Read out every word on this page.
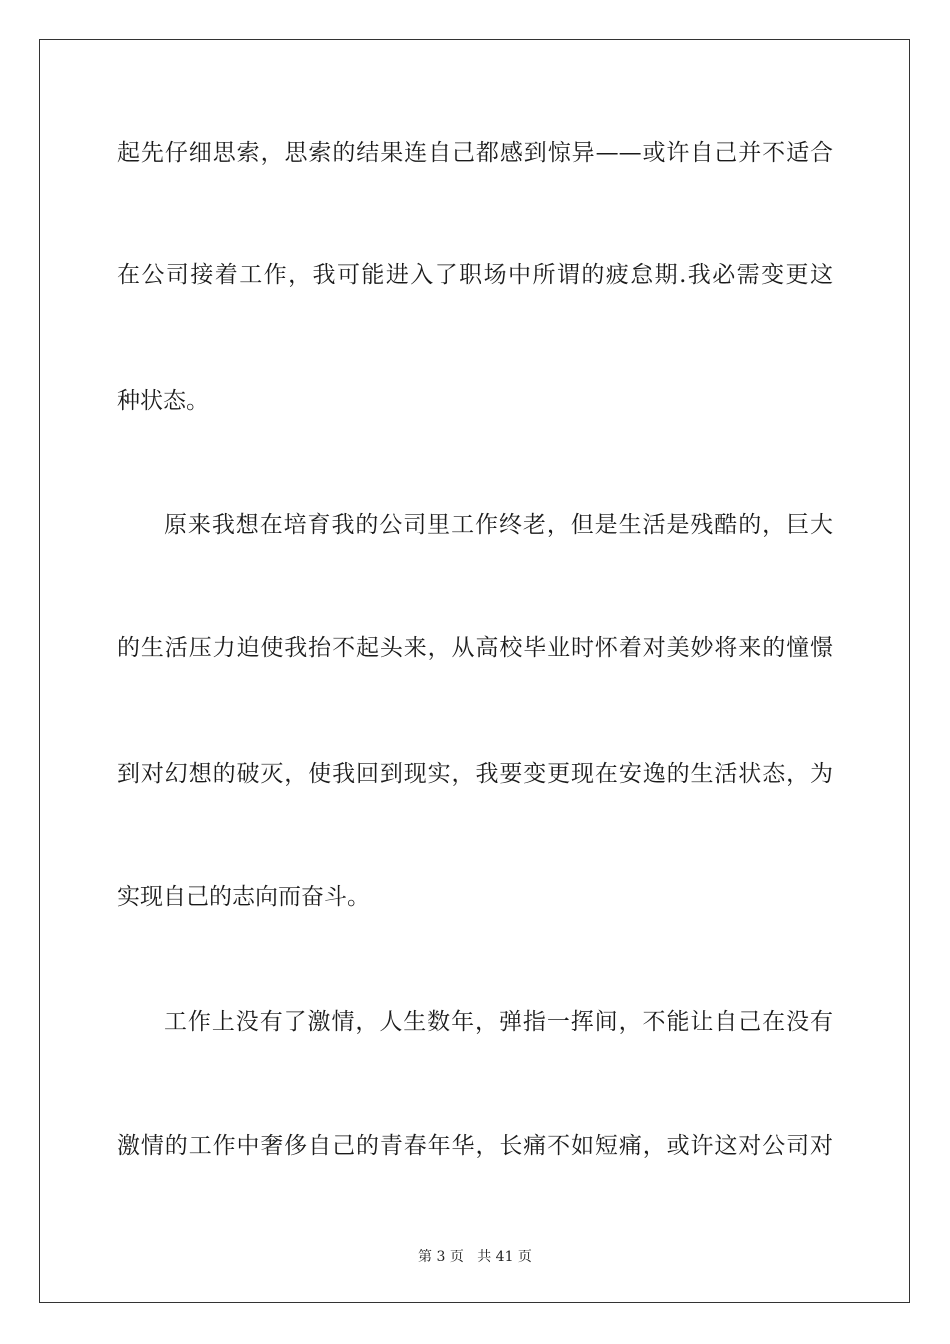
起先仔细思索，思索的结果连自己都感到惊异——或许自己并不适合
在公司接着工作，我可能进入了职场中所谓的疲怠期.我必需变更这
种状态。
原来我想在培育我的公司里工作终老，但是生活是残酷的，巨大
的生活压力迫使我抬不起头来，从高校毕业时怀着对美妙将来的憧憬
到对幻想的破灭，使我回到现实，我要变更现在安逸的生活状态，为
实现自己的志向而奋斗。
工作上没有了激情，人生数年，弹指一挥间，不能让自己在没有
激情的工作中奢侈自己的青春年华，长痛不如短痛，或许这对公司对
第 3 页 共 41 页
